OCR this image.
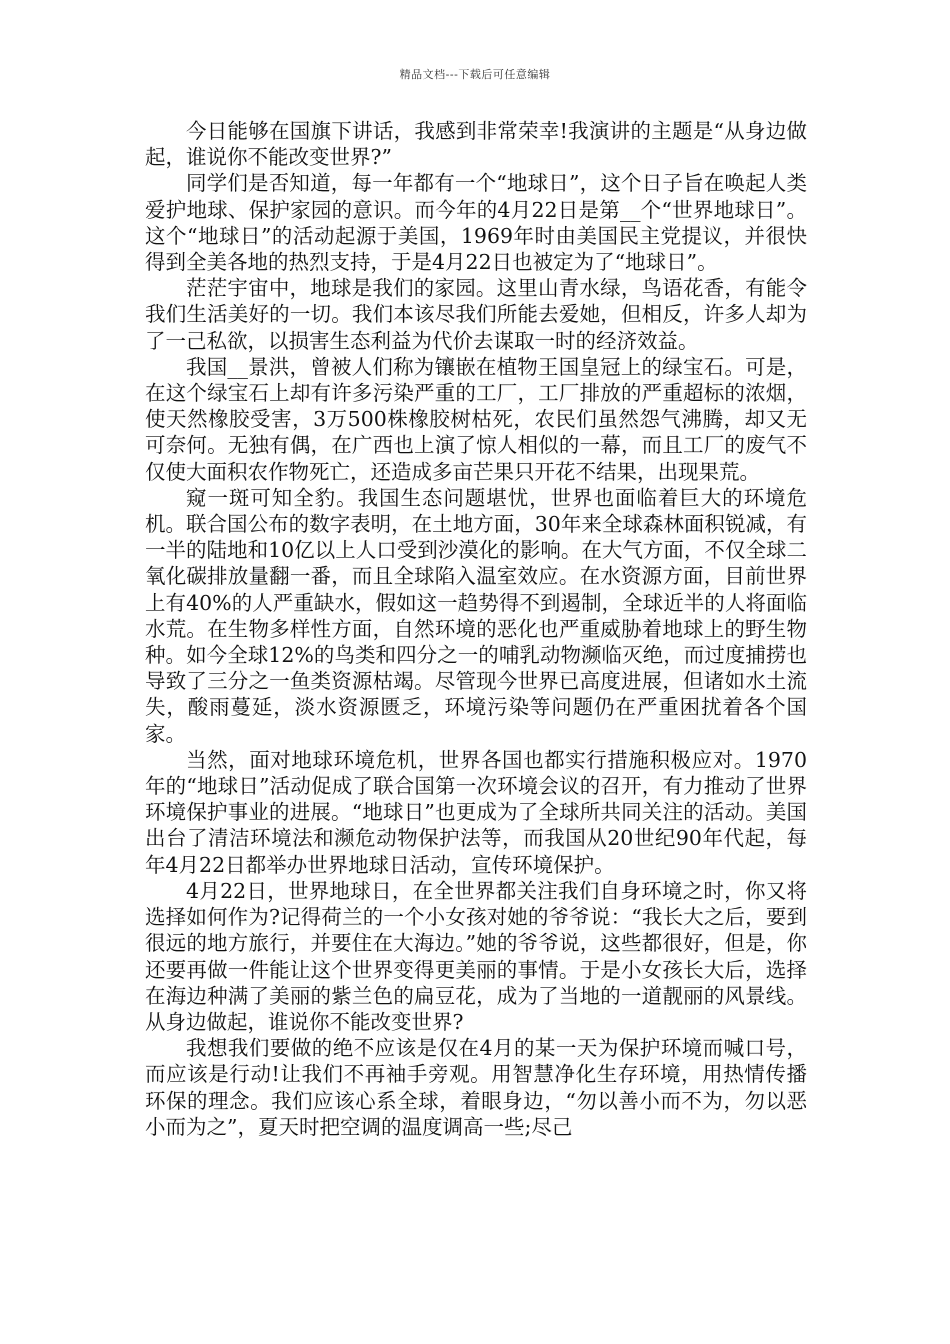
精品文档---下载后可任意编辑

今日能够在国旗下讲话，我感到非常荣幸!我演讲的主题是“从身边做起，谁说你不能改变世界?”

同学们是否知道，每一年都有一个“地球日”，这个日子旨在唤起人类爱护地球、保护家园的意识。而今年的4月22日是第__个“世界地球日”。这个“地球日”的活动起源于美国，1969年时由美国民主党提议，并很快得到全美各地的热烈支持，于是4月22日也被定为了“地球日”。

茫茫宇宙中，地球是我们的家园。这里山青水绿，鸟语花香，有能令我们生活美好的一切。我们本该尽我们所能去爱她，但相反，许多人却为了一己私欲，以损害生态利益为代价去谋取一时的经济效益。

我国__景洪，曾被人们称为镶嵌在植物王国皇冠上的绿宝石。可是，在这个绿宝石上却有许多污染严重的工厂，工厂排放的严重超标的浓烟，使天然橡胶受害，3万500株橡胶树枯死，农民们虽然怨气沸腾，却又无可奈何。无独有偶，在广西也上演了惊人相似的一幕，而且工厂的废气不仅使大面积农作物死亡，还造成多亩芒果只开花不结果，出现果荒。

窥一斑可知全豹。我国生态问题堪忧，世界也面临着巨大的环境危机。联合国公布的数字表明，在土地方面，30年来全球森林面积锐减，有一半的陆地和10亿以上人口受到沙漠化的影响。在大气方面，不仅全球二氧化碳排放量翻一番，而且全球陷入温室效应。在水资源方面，目前世界上有40%的人严重缺水，假如这一趋势得不到遏制，全球近半的人将面临水荒。在生物多样性方面，自然环境的恶化也严重威胁着地球上的野生物种。如今全球12%的鸟类和四分之一的哺乳动物濒临灭绝，而过度捕捞也导致了三分之一鱼类资源枯竭。尽管现今世界已高度进展，但诸如水土流失，酸雨蔓延，淡水资源匮乏，环境污染等问题仍在严重困扰着各个国家。

当然，面对地球环境危机，世界各国也都实行措施积极应对。1970年的“地球日”活动促成了联合国第一次环境会议的召开，有力推动了世界环境保护事业的进展。“地球日”也更成为了全球所共同关注的活动。美国出台了清洁环境法和濒危动物保护法等，而我国从20世纪90年代起，每年4月22日都举办世界地球日活动，宣传环境保护。

4月22日，世界地球日，在全世界都关注我们自身环境之时，你又将选择如何作为?记得荷兰的一个小女孩对她的爷爷说：“我长大之后，要到很远的地方旅行，并要住在大海边。”她的爷爷说，这些都很好，但是，你还要再做一件能让这个世界变得更美丽的事情。于是小女孩长大后，选择在海边种满了美丽的紫兰色的扁豆花，成为了当地的一道靓丽的风景线。从身边做起，谁说你不能改变世界?

我想我们要做的绝不应该是仅在4月的某一天为保护环境而喊口号，而应该是行动!让我们不再袖手旁观。用智慧净化生存环境，用热情传播环保的理念。我们应该心系全球，着眼身边，“勿以善小而不为，勿以恶小而为之”，夏天时把空调的温度调高一些;尽己
